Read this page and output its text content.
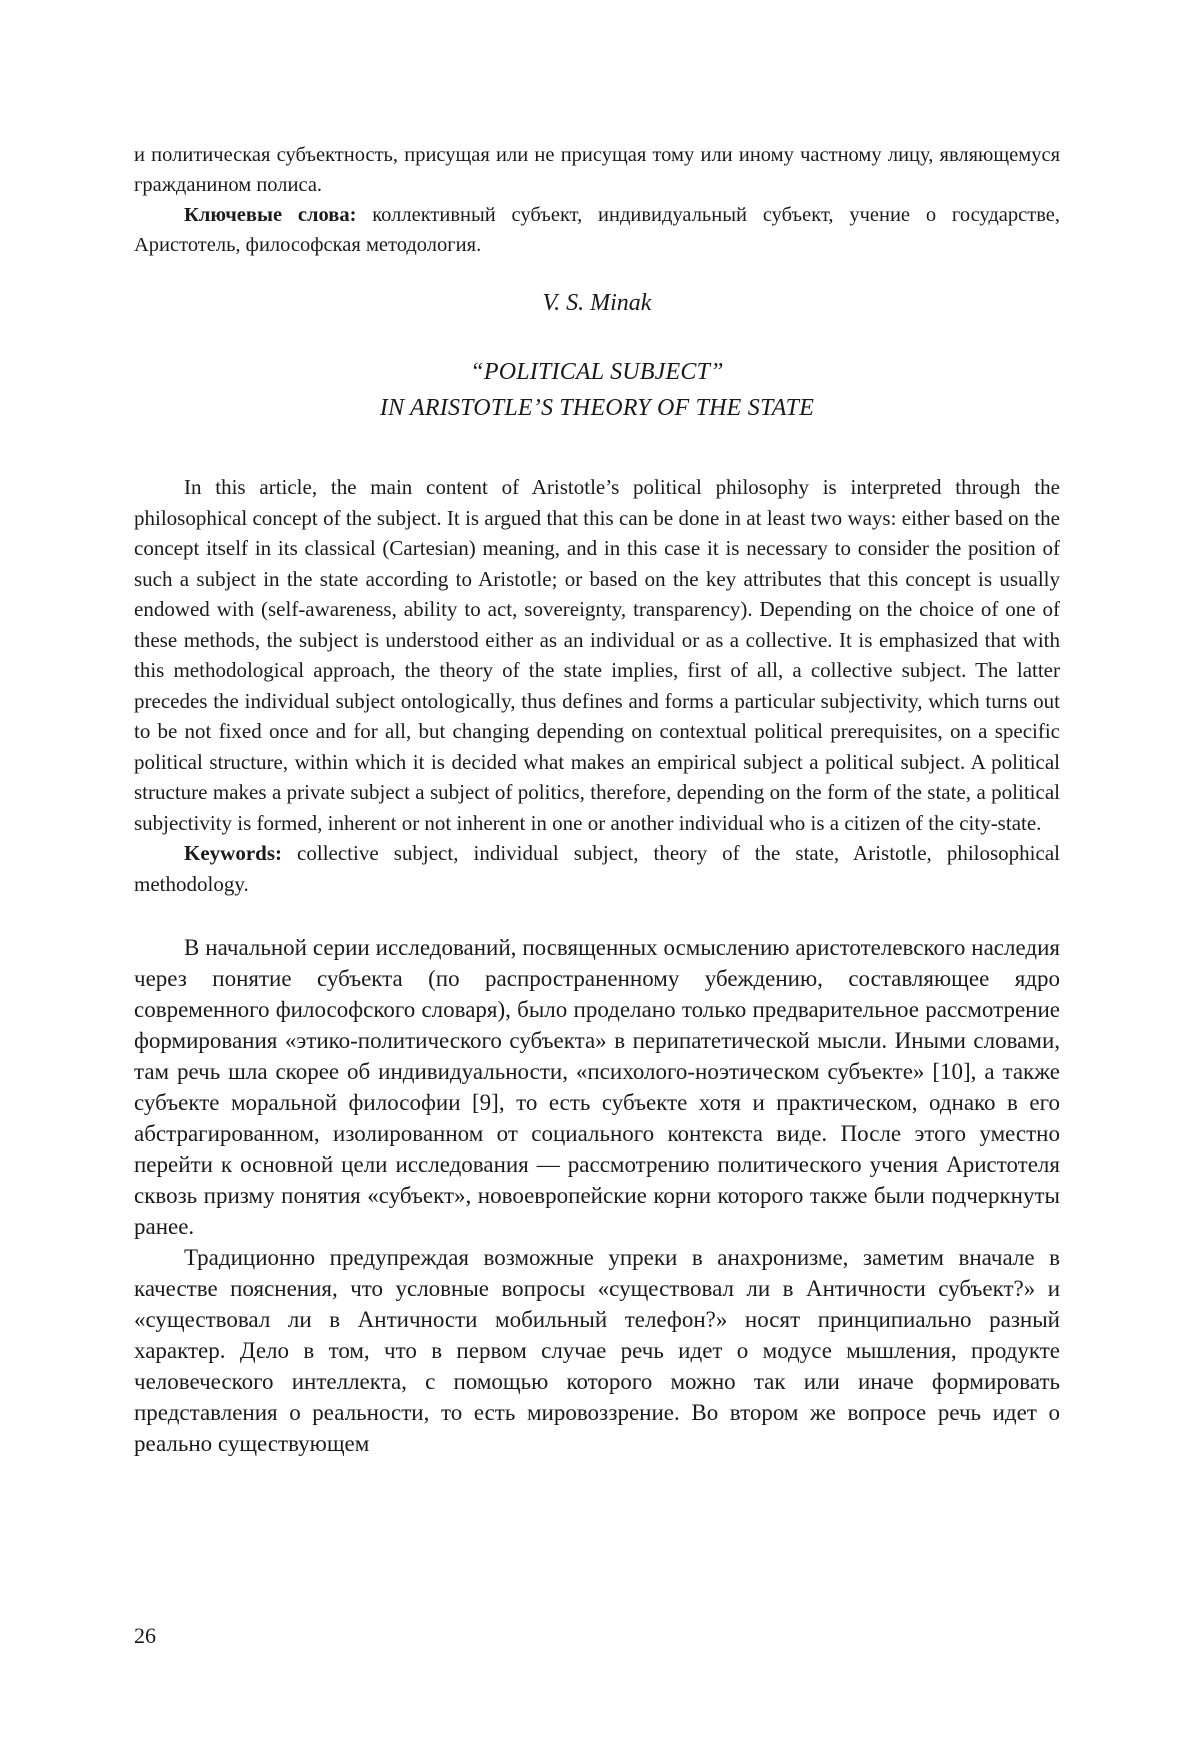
и политическая субъектность, присущая или не присущая тому или иному частному лицу, являющемуся гражданином полиса.

Ключевые слова: коллективный субъект, индивидуальный субъект, учение о государстве, Аристотель, философская методология.

V. S. Minak

“POLITICAL SUBJECT”
IN ARISTOTLE’S THEORY OF THE STATE

In this article, the main content of Aristotle’s political philosophy is interpreted through the philosophical concept of the subject. It is argued that this can be done in at least two ways: either based on the concept itself in its classical (Cartesian) meaning, and in this case it is necessary to consider the position of such a subject in the state according to Aristotle; or based on the key attributes that this concept is usually endowed with (self-awareness, ability to act, sovereignty, transparency). Depending on the choice of one of these methods, the subject is understood either as an individual or as a collective. It is emphasized that with this methodological approach, the theory of the state implies, first of all, a collective subject. The latter precedes the individual subject ontologically, thus defines and forms a particular subjectivity, which turns out to be not fixed once and for all, but changing depending on contextual political prerequisites, on a specific political structure, within which it is decided what makes an empirical subject a political subject. A political structure makes a private subject a subject of politics, therefore, depending on the form of the state, a political subjectivity is formed, inherent or not inherent in one or another individual who is a citizen of the city-state.

Keywords: collective subject, individual subject, theory of the state, Aristotle, philosophical methodology.

В начальной серии исследований, посвященных осмыслению аристотелевского наследия через понятие субъекта (по распространенному убеждению, составляющее ядро современного философского словаря), было проделано только предварительное рассмотрение формирования «этико-политического субъекта» в перипатетической мысли. Иными словами, там речь шла скорее об индивидуальности, «психолого-ноэтическом субъекте» [10], а также субъекте моральной философии [9], то есть субъекте хотя и практическом, однако в его абстрагированном, изолированном от социального контекста виде. После этого уместно перейти к основной цели исследования — рассмотрению политического учения Аристотеля сквозь призму понятия «субъект», новоевропейские корни которого также были подчеркнуты ранее.

Традиционно предупреждая возможные упреки в анахронизме, заметим вначале в качестве пояснения, что условные вопросы «существовал ли в Античности субъект?» и «существовал ли в Античности мобильный телефон?» носят принципиально разный характер. Дело в том, что в первом случае речь идет о модусе мышления, продукте человеческого интеллекта, с помощью которого можно так или иначе формировать представления о реальности, то есть мировоззрение. Во втором же вопросе речь идет о реально существующем

26
